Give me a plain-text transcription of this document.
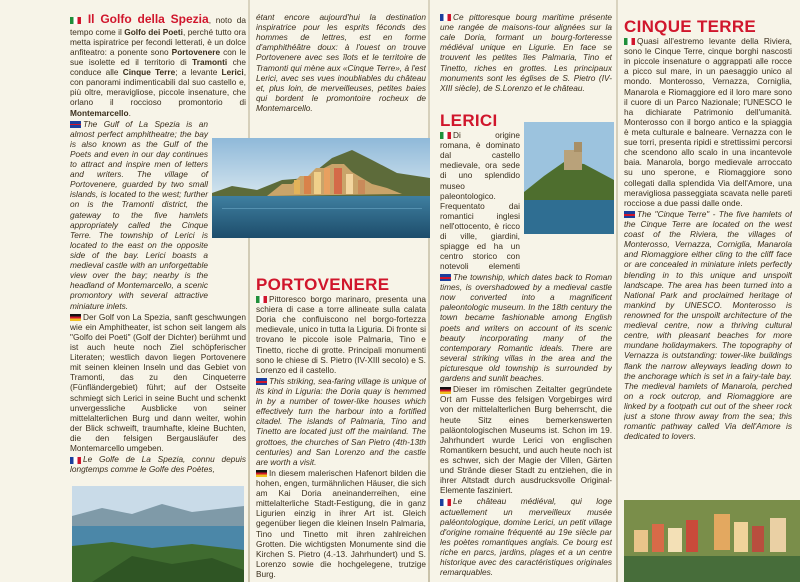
Il Golfo della Spezia, noto da tempo come il Golfo dei Poeti, perché tutto ora metta ispiratrice per fecondi letterati, è un dolce anfiteatro: a ponente sono Portovenere con le sue isolette ed il territorio di Tramonti che conduce alle Cinque Terre; a levante Lerici, con panorami indimenticabili dal suo castello e, più oltre, meravigliose, piccole insenature, che orlano il roccioso promontorio di Montemarcello.

The Gulf of La Spezia is an almost perfect amphitheatre; the bay is also known as the Gulf of the Poets and even in our day continues to attract and inspire men of letters and writers. The village of Portovenere, guarded by two small islands, is located to the west; further on is the Tramonti district, the gateway to the five hamlets appropriately called the Cinque Terre. The township of Lerici is located to the east on the opposite side of the bay. Lerici boasts a medieval castle with an unforgettable view over the bay; nearby is the headland of Montemarcello, a scenic promontory with several attractive miniature inlets.

Der Golf von La Spezia, sanft geschwungen wie ein Amphitheater, ist schon seit langem als "Golfo dei Poeti" (Golf der Dichter) berühmt und ist auch heute noch Ziel schöpferischer Literaten; westlich davon liegen Portovenere mit seinen kleinen Inseln und das Gebiet von Tramonti, das zu den Cinqueterre (Fünfländergebiet) führt; auf der Ostseite schmiegt sich Lerici in seine Bucht und schenkt unvergessliche Ausblicke von seiner mittelalterlichen Burg und dann weiter, wohin der Blick schweift, traumhafte, kleine Buchten, die den felsigen Bergausläufer des Montemarcello umgeben.

Le Golfe de La Spezia, connu depuis longtemps comme le Golfe des Poètes,

étant encore aujourd'hui la destination inspiratrice pour les esprits féconds des hommes de lettres, est en forme d'amphithéâtre doux: à l'ouest on trouve Portovenere avec ses îlots et le territoire de Tramonti qui mène aux «Cinque Terre», à l'est Lerici, avec ses vues inoubliables du château et, plus loin, de merveilleuses, petites baies qui bordent le promontoire rocheux de Montemarcello.

PORTOVENERE

Pittoresco borgo marinaro, presenta una schiera di case a torre allineate sulla calata Doria che confluiscono nel borgo-fortezza medievale, unico in tutta la Liguria. Di fronte si trovano le piccole isole Palmaria, Tino e Tinetto, ricche di grotte. Principali monumenti sono le chiese di S. Pietro (IV-XIII secolo) e S. Lorenzo ed il castello.

This striking, sea-faring village is unique of its kind in Liguria: the Doria quay is hemmed in by a number of tower-like houses which effectively turn the harbour into a fortified citadel. The islands of Palmaria, Tino and Tinetto are located just off the mainland. The grottoes, the churches of San Pietro (4th-13th centuries) and San Lorenzo and the castle are worth a visit.

In diesem malerischen Hafenort bilden die hohen, engen, turmähnlichen Häuser, die sich am Kai Doria aneinanderreihen, eine mittelalterliche Stadt-Festigung, die in ganz Ligurien einzig in ihrer Art ist. Gleich gegenüber liegen die kleinen Inseln Palmaria, Tino und Tinetto mit ihren zahlreichen Grotten. Die wichtigsten Monumente sind die Kirchen S. Pietro (4.-13. Jahrhundert) und S. Lorenzo sowie die hochgelegene, trutzige Burg.

Ce pittoresque bourg maritime présente une rangée de maisons-tour alignées sur la cale Doria, formant un bourg-forteresse médiéval unique en Ligurie. En face se trouvent les petites îles Palmaria, Tino et Tinetto, riches en grottes. Les principaux monuments sont les églises de S. Pietro (IV-XIII siècle), de S.Lorenzo et le château.

LERICI

Di origine romana, è dominato dal castello medievale, ora sede di uno splendido museo paleontologico. Frequentato dai romantici inglesi nell'ottocento, è ricco di ville, giardini, spiagge ed ha un centro storico con notevoli elementi

The township, which dates back to Roman times, is overshadowed by a medieval castle now converted into a magnificent paleontologic museum. In the 18th century the town became fashionable among English poets and writers on account of its scenic beauty incorporating many of the contemporary Romantic ideals. There are several striking villas in the area and the picturesque old township is surrounded by gardens and sunlit beaches.

Dieser im römischen Zeitalter gegründete Ort am Fusse des felsigen Vorgebirges wird von der mittelalterlichen Burg beherrscht, die heute Sitz eines bemerkenswerten paläontologischen Museums ist. Schon im 19. Jahrhundert wurde Lerici von englischen Romantikern besucht, und auch heute noch ist es schwer, sich der Magie der Villen, Gärten und Strände dieser Stadt zu entziehen, die in ihrer Altstadt durch ausdrucksvolle Original-Elemente fasziniert.

Le château médiéval, qui loge actuellement un merveilleux musée paléontologique, domine Lerici, un petit village d'origine romaine fréquenté au 19e siècle par les poètes romantiques anglais. Ce bourg est riche en parcs, jardins, plages et a un centre historique avec des caractéristiques originales remarquables.

CINQUE TERRE

Quasi all'estremo levante della Riviera, sono le Cinque Terre, cinque borghi nascosti in piccole insenature o aggrappati alle rocce a picco sul mare, in un paesaggio unico al mondo. Monterosso, Vernazza, Corniglia, Manarola e Riomaggiore ed il loro mare sono il cuore di un Parco Nazionale; l'UNESCO le ha dichiarate Patrimonio dell'umanità. Monterosso con il borgo antico e la spiaggia è meta culturale e balneare. Vernazza con le sue torri, presenta ripidi e strettissimi percorsi che scendono allo scalo in una incantevole baia. Manarola, borgo medievale arroccato su uno sperone, e Riomaggiore sono collegati dalla splendida Via dell'Amore, una meravigliosa passeggiata scavata nelle pareti rocciose a due passi dalle onde.

The "Cinque Terre" - The five hamlets of the Cinque Terre are located on the west coast of the Riviera, the villages of Monterosso, Vernazza, Corniglia, Manarola and Riomaggiore either cling to the cliff face or are concealed in miniature inlets perfectly blending in to this unique and unspoilt landscape. The area has been turned into a National Park and proclaimed heritage of mankind by UNESCO. Monterosso is renowned for the unspoilt architecture of the medieval centre, now a thriving cultural centre, with pleasant beaches for more mundane holidaymakers. The topography of Vernazza is outstanding: tower-like buildings flank the narrow alleyways leading down to the anchorage which is set in a fairy-tale bay. The medieval hamlets of Manarola, perched on a rock outcrop, and Riomaggiore are linked by a footpath cut out of the sheer rock just a stone throw away from the sea; this romantic pathway called Via dell'Amore is dedicated to lovers.
